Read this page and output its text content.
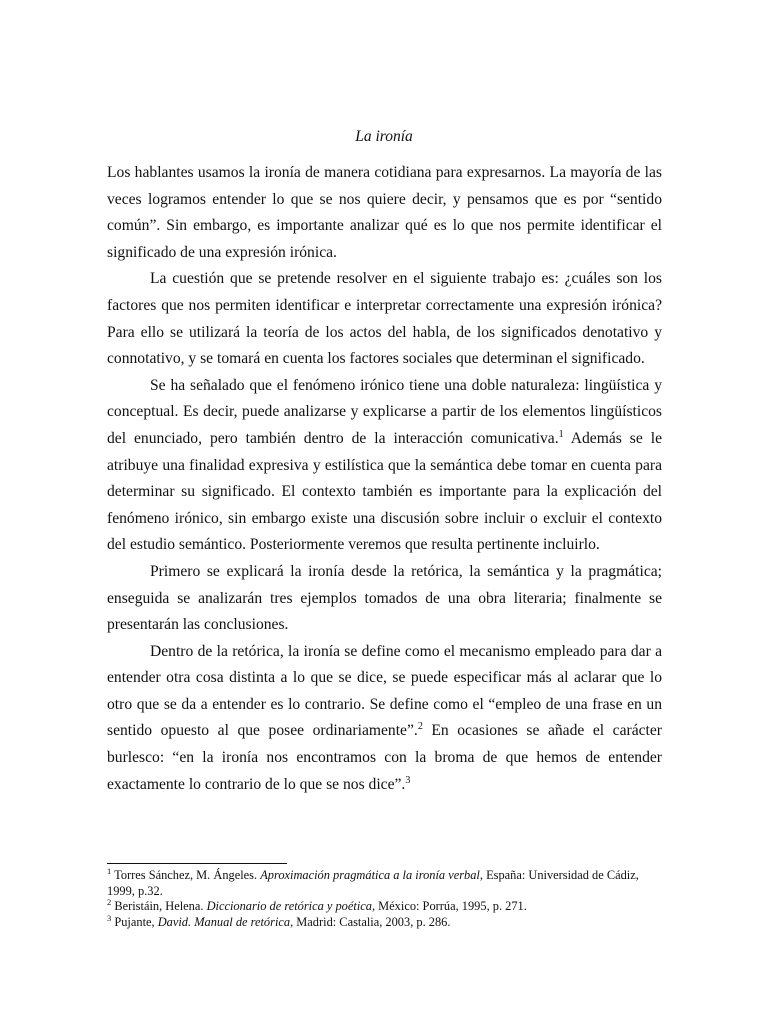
La ironía

Los hablantes usamos la ironía de manera cotidiana para expresarnos. La mayoría de las veces logramos entender lo que se nos quiere decir, y pensamos que es por “sentido común”. Sin embargo, es importante analizar qué es lo que nos permite identificar el significado de una expresión irónica.

La cuestión que se pretende resolver en el siguiente trabajo es: ¿cuáles son los factores que nos permiten identificar e interpretar correctamente una expresión irónica? Para ello se utilizará la teoría de los actos del habla, de los significados denotativo y connotativo, y se tomará en cuenta los factores sociales que determinan el significado.

Se ha señalado que el fenómeno irónico tiene una doble naturaleza: lingüística y conceptual. Es decir, puede analizarse y explicarse a partir de los elementos lingüísticos del enunciado, pero también dentro de la interacción comunicativa.$^1$ Además se le atribuye una finalidad expresiva y estilística que la semántica debe tomar en cuenta para determinar su significado. El contexto también es importante para la explicación del fenómeno irónico, sin embargo existe una discusión sobre incluir o excluir el contexto del estudio semántico. Posteriormente veremos que resulta pertinente incluirlo.

Primero se explicará la ironía desde la retórica, la semántica y la pragmática; enseguida se analizarán tres ejemplos tomados de una obra literaria; finalmente se presentarán las conclusiones.

Dentro de la retórica, la ironía se define como el mecanismo empleado para dar a entender otra cosa distinta a lo que se dice, se puede especificar más al aclarar que lo otro que se da a entender es lo contrario. Se define como el “empleo de una frase en un sentido opuesto al que posee ordinariamente”.$^2$ En ocasiones se añade el carácter burlesco: “en la ironía nos encontramos con la broma de que hemos de entender exactamente lo contrario de lo que se nos dice”.$^3$

$^1$ Torres Sánchez, M. Ángeles. Aproximación pragmática a la ironía verbal, España: Universidad de Cádiz, 1999, p.32.

$^2$ Beristáin, Helena. Diccionario de retórica y poética, México: Porrúa, 1995, p. 271.

$^3$ Pujante, David. Manual de retórica, Madrid: Castalia, 2003, p. 286.
